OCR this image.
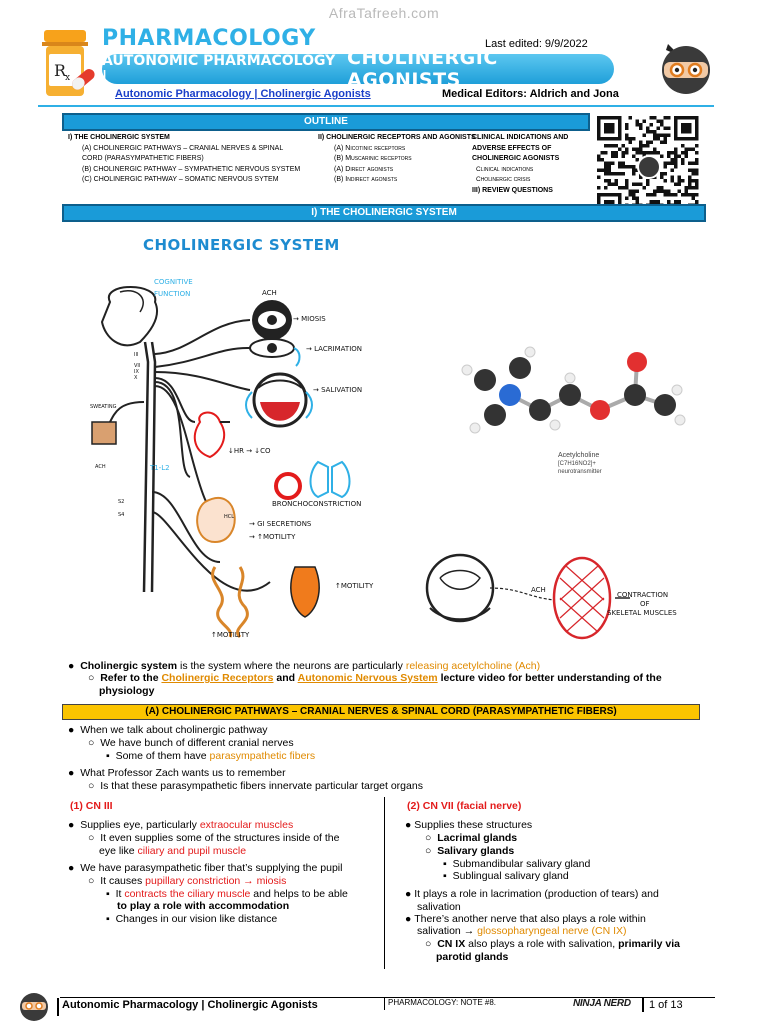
AfraTafreeh.com
R
x
PHARMACOLOGY	Last edited: 9/9/2022
AUTONOMIC PHARMACOLOGY |
CHOLINERGIC AGONISTS
Autonomic Pharmacology | Cholinergic Agonists	Medical Editors: Aldrich and Jona
OUTLINE
I) THE CHOLINERGIC SYSTEM
(A) CHOLINERGIC PATHWAYS – CRANIAL NERVES & SPINAL
CORD (PARASYMPATHETIC FIBERS)
(B) CHOLINERGIC PATHWAY – SYMPATHETIC NERVOUS SYSTEM
(C) CHOLINERGIC PATHWAY – SOMATIC NERVOUS SYTEM
II) CHOLINERGIC RECEPTORS AND AGONISTS
(A) Nicotinic receptors
(B) Muscarinic receptors
(A) Direct agonists
(B) Indirect agonists
CLINICAL INDICATIONS AND
ADVERSE EFFECTS OF
CHOLINERGIC AGONISTS
Clinical indications
Cholinergic crisis
III) REVIEW QUESTIONS
I) THE CHOLINERGIC SYSTEM
CHOLINERGIC SYSTEM
COGNITIVE
FUNCTION	ACH
→ MIOSIS
→ LACRIMATION
→ SALIVATION
SWEATING
ACH
↓HR → ↓CO
T1-L2
BRONCHOCONSTRICTION
HCL
→ GI SECRETIONS
→ ↑MOTILITY
↑MOTILITY
↑MOTILITY
III
VII
IX
X
S2
S4
Acetylcholine
[C7H16NO2]+
neurotransmitter
ACH
CONTRACTION
OF
SKELETAL MUSCLES
●  Cholinergic system is the system where the neurons are particularly releasing acetylcholine (Ach)
○  Refer to the Cholinergic Receptors and Autonomic Nervous System lecture video for better understanding of the
physiology
(A) CHOLINERGIC PATHWAYS – CRANIAL NERVES & SPINAL CORD (PARASYMPATHETIC FIBERS)
●  When we talk about cholinergic pathway
○  We have bunch of different cranial nerves
▪  Some of them have parasympathetic fibers
●  What Professor Zach wants us to remember
○  Is that these parasympathetic fibers innervate particular target organs
(1) CN III
●  Supplies eye, particularly extraocular muscles
○  It even supplies some of the structures inside of the
eye like ciliary and pupil muscle
●  We have parasympathetic fiber that’s supplying the pupil
○  It causes pupillary constriction → miosis
▪  It contracts the ciliary muscle and helps to be able
to play a role with accommodation
▪  Changes in our vision like distance
(2) CN VII (facial nerve)
● Supplies these structures
○  Lacrimal glands
○  Salivary glands
▪  Submandibular salivary gland
▪  Sublingual salivary gland
● It plays a role in lacrimation (production of tears) and
salivation
● There’s another nerve that also plays a role within
salivation → glossopharyngeal nerve (CN IX)
○  CN IX also plays a role with salivation, primarily via
parotid glands
Autonomic Pharmacology | Cholinergic Agonists	PHARMACOLOGY: NOTE #8.	NINJA NERD 1 of 13
